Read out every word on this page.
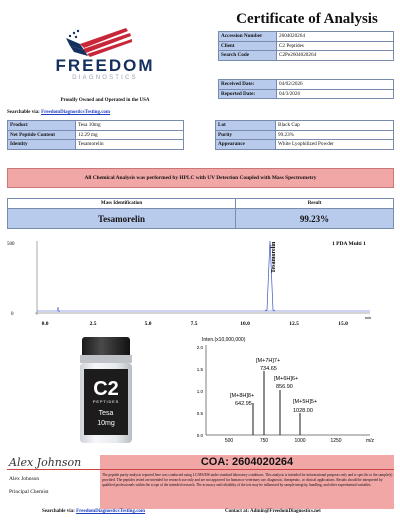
FREEDOM
DIAGNOSTICS
Proudly Owned and Operated in the USA
Searchable via: FreedomDiagnosticsTesting.com
Certificate of Analysis
Accession Number	2604020264
Client	C2 Peptides
Search Code	C2Pe2604020264
Received Date:	04/02/2026
Reported Date:	04/3/2026
Product	Tesa 10mg
Net Peptide Content	12.29 mg
Identity	Tesamorelin
Lot	Black Cap
Purity	99.23%
Appearance	White Lyophilized Powder
All Chemical Analysis was performed by HPLC with UV Detection Coupled with Mass Spectrometry
Mass Identification	Result
Tesamorelin	99.23%
500
0
Tesamorelin	1 PDA Multi 1
0.0	2.5	5.0	7.5	10.0	12.5	15.0
min
C2
PEPTIDES
Tesa
10mg
Inten.(x10,000,000)
2.0
1.5
1.0
0.5
0.0
[M+7H]7+
734.65
[M+6H]6+
856.90
[M+8H]8+
642.95	[M+5H]5+
1028.00
500	750	1000	1250	m/z
Alex Johnson
Alex Johnson
Principal Chemist
COA: 2604020264
The peptide purity analysis reported here was conducted using LC/MS/MS under standard laboratory conditions. This analysis is intended for informational purposes only and is specific to the sample(s) provided. The peptides tested are intended for research use only and are not approved for human or veterinary use, diagnostic, therapeutic, or clinical applications. Results should be interpreted by qualified professionals within the scope of the intended research. The accuracy and reliability of the test may be influenced by sample integrity, handling, and other experimental variables.
Searchable via: FreedomDiagnosticsTesting.com	Contact at: Admin@FreedomDiagnostics.net
